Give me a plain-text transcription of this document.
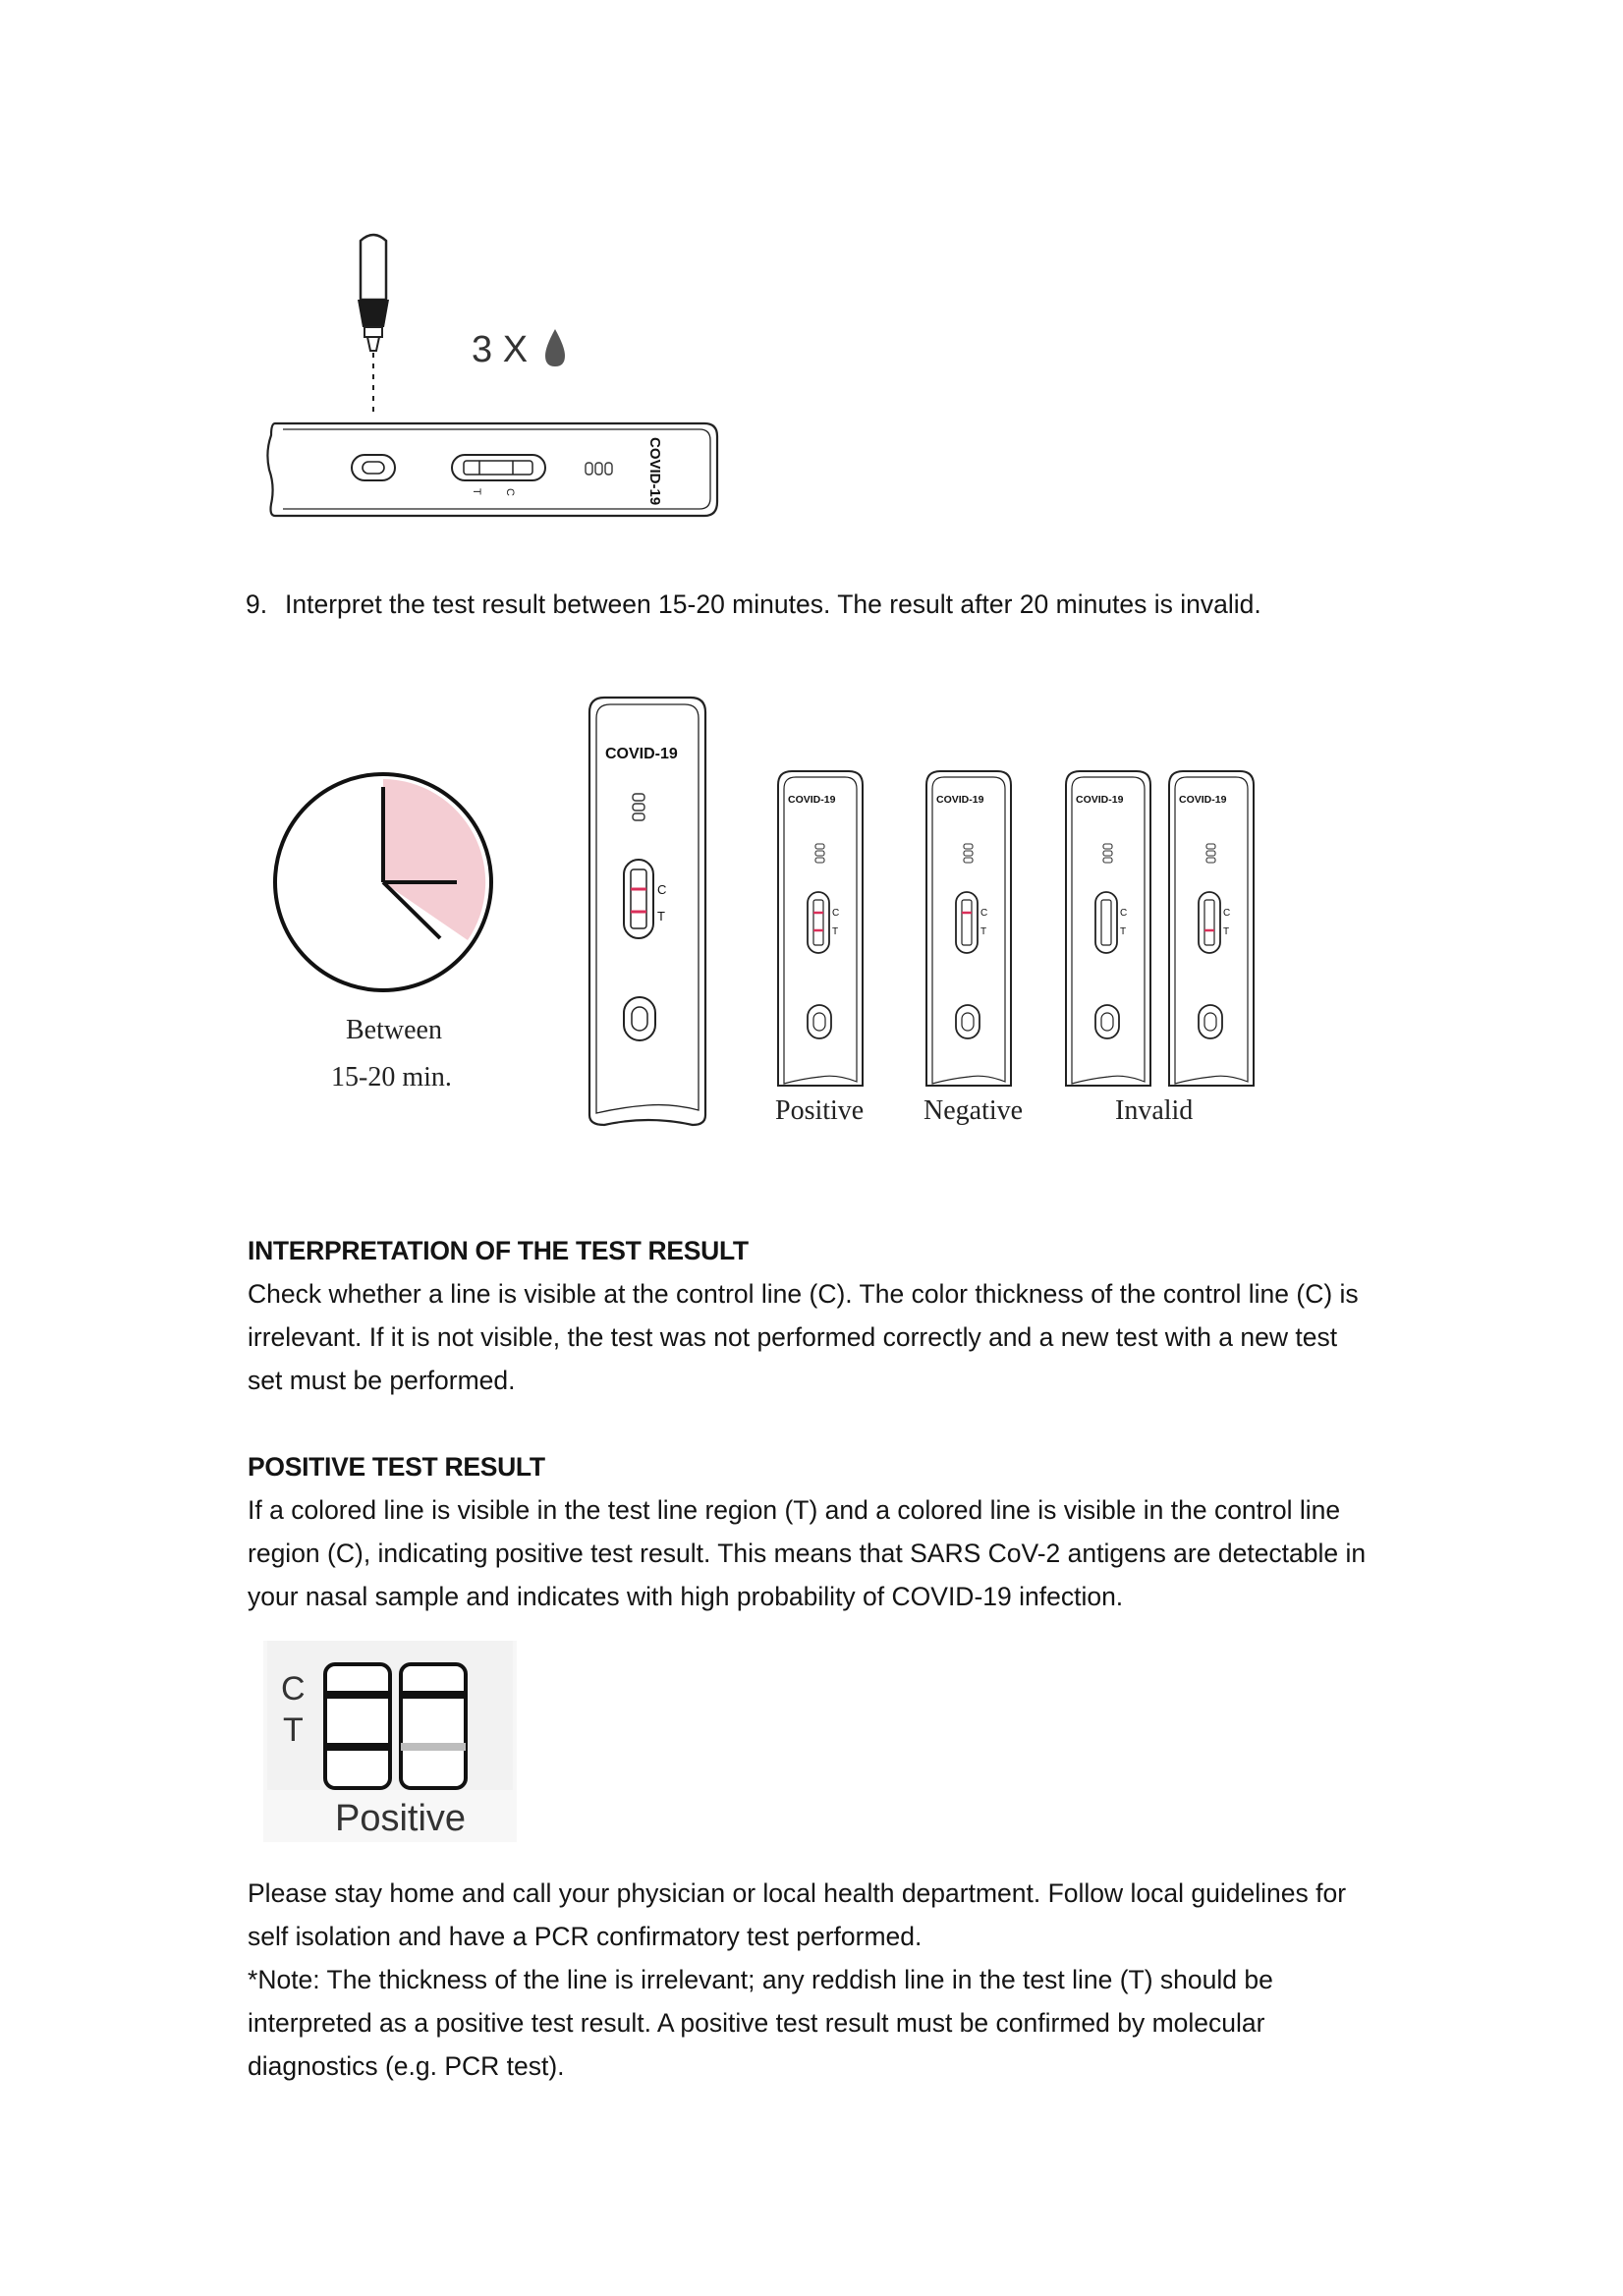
3 X
T C	COVID-19
9. Interpret the test result between 15-20 minutes. The result after 20 minutes is invalid.
COVID-19
C
T
COVID-19
C
T
COVID-19
C
T
COVID-19
C
T
COVID-19
C
T
Between
15-20 min.
Positive Negative	Invalid
INTERPRETATION OF THE TEST RESULT
Check whether a line is visible at the control line (C). The color thickness of the control line (C) is
irrelevant. If it is not visible, the test was not performed correctly and a new test with a new test
set must be performed.
POSITIVE TEST RESULT
If a colored line is visible in the test line region (T) and a colored line is visible in the control line
region (C), indicating positive test result. This means that SARS CoV-2 antigens are detectable in
your nasal sample and indicates with high probability of COVID-19 infection.
C
T
Positive
Please stay home and call your physician or local health department. Follow local guidelines for
self isolation and have a PCR confirmatory test performed.
*Note: The thickness of the line is irrelevant; any reddish line in the test line (T) should be
interpreted as a positive test result. A positive test result must be confirmed by molecular
diagnostics (e.g. PCR test).
